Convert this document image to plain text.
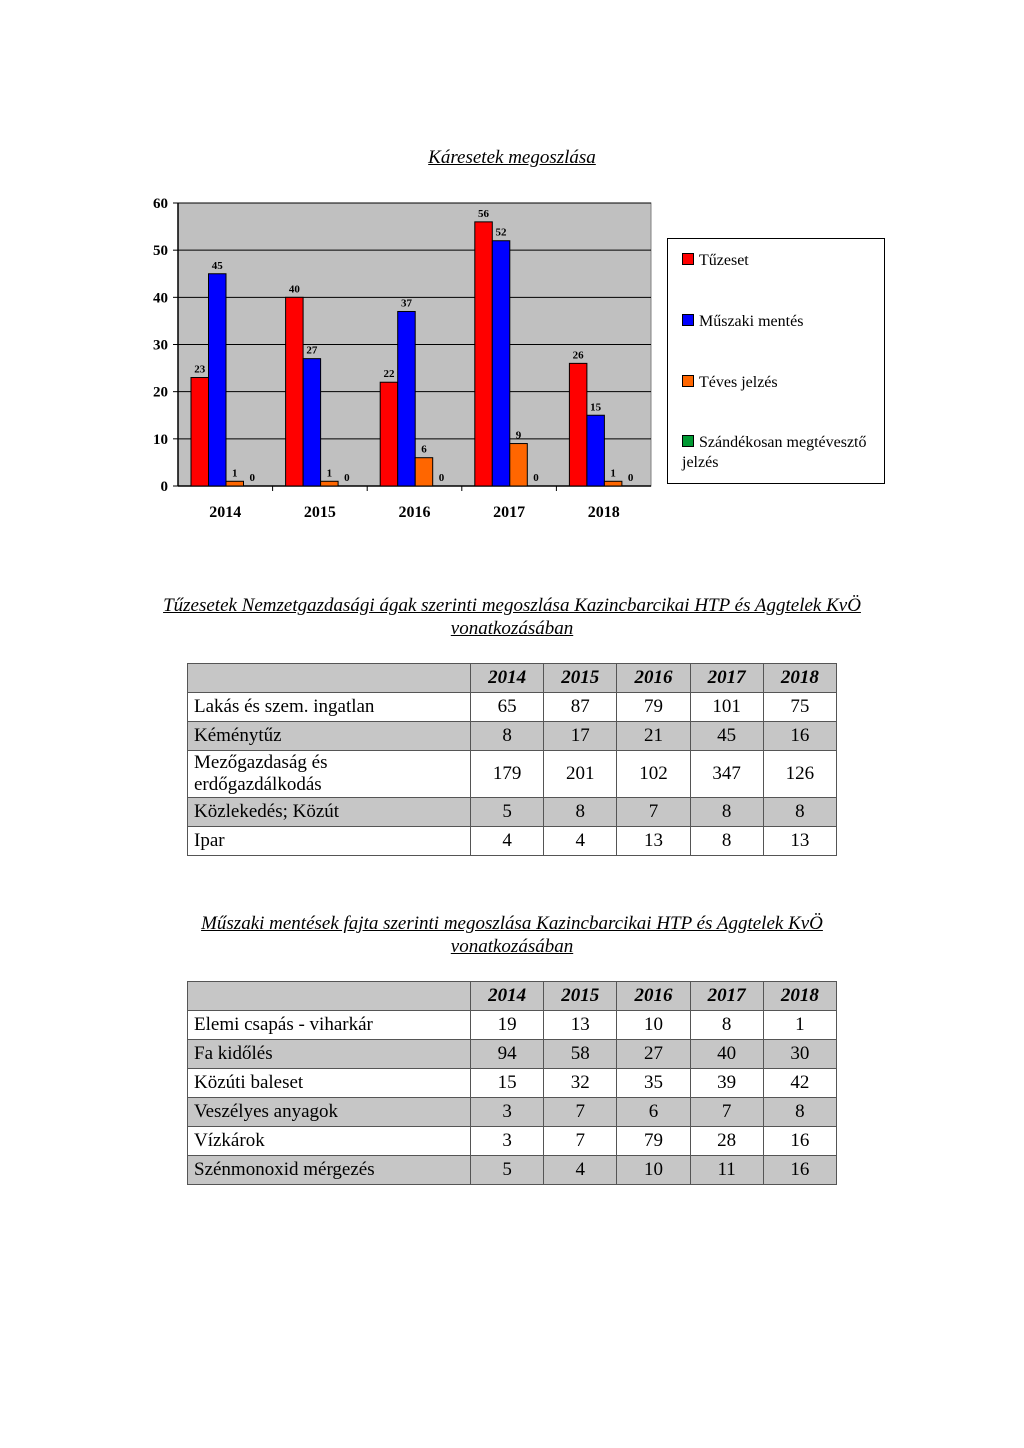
Káresetek megoszlása
0
10
20
30
40
50
60
2014
23
45
1 0
2015
40
27
1 0
2016
22
37
6
0
2017
56
52
9
0
2018
26
15
1 0
Tűzeset
Műszaki mentés
Téves jelzés
Szándékosan megtévesztő jelzés
Tűzesetek Nemzetgazdasági ágak szerinti megoszlása Kazincbarcikai HTP és Aggtelek KvÖ
vonatkozásában
	2014	2015	2016	2017	2018
Lakás és szem. ingatlan	65	87	79	101	75
Kéménytűz	8	17	21	45	16
Mezőgazdaság és
erdőgazdálkodás	179	201	102	347	126
Közlekedés; Közút	5	8	7	8	8
Ipar	4	4	13	8	13
Műszaki mentések fajta szerinti megoszlása Kazincbarcikai HTP és Aggtelek KvÖ
vonatkozásában
	2014	2015	2016	2017	2018
Elemi csapás - viharkár	19	13	10	8	1
Fa kidőlés	94	58	27	40	30
Közúti baleset	15	32	35	39	42
Veszélyes anyagok	3	7	6	7	8
Vízkárok	3	7	79	28	16
Szénmonoxid mérgezés	5	4	10	11	16
